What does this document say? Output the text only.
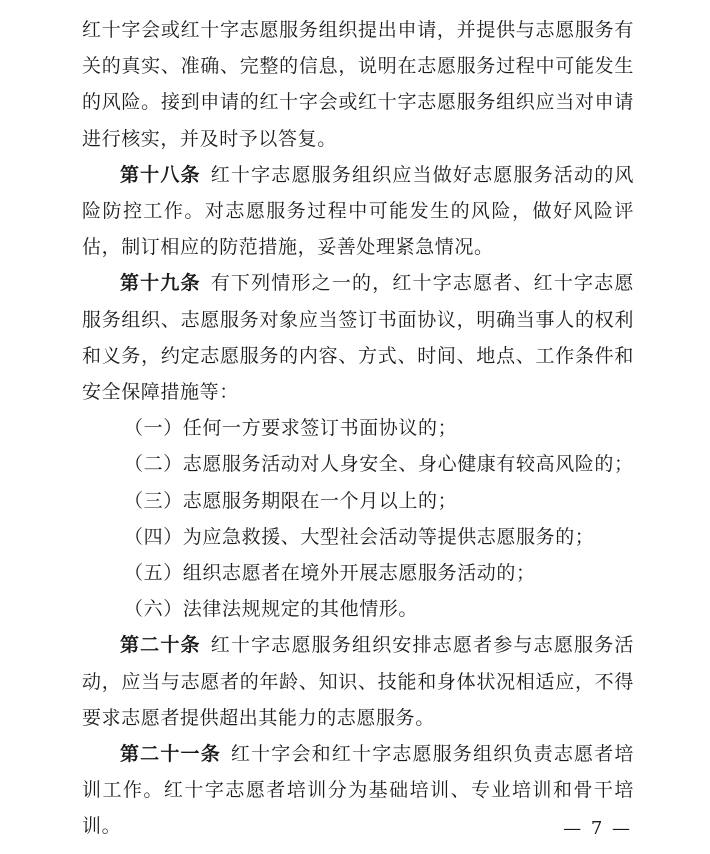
红十字会或红十字志愿服务组织提出申请，并提供与志愿服务有关的真实、准确、完整的信息，说明在志愿服务过程中可能发生的风险。接到申请的红十字会或红十字志愿服务组织应当对申请进行核实，并及时予以答复。

第十八条 红十字志愿服务组织应当做好志愿服务活动的风险防控工作。对志愿服务过程中可能发生的风险，做好风险评估，制订相应的防范措施，妥善处理紧急情况。

第十九条 有下列情形之一的，红十字志愿者、红十字志愿服务组织、志愿服务对象应当签订书面协议，明确当事人的权利和义务，约定志愿服务的内容、方式、时间、地点、工作条件和安全保障措施等：

（一）任何一方要求签订书面协议的；

（二）志愿服务活动对人身安全、身心健康有较高风险的；

（三）志愿服务期限在一个月以上的；

（四）为应急救援、大型社会活动等提供志愿服务的；

（五）组织志愿者在境外开展志愿服务活动的；

（六）法律法规规定的其他情形。

第二十条 红十字志愿服务组织安排志愿者参与志愿服务活动，应当与志愿者的年龄、知识、技能和身体状况相适应，不得要求志愿者提供超出其能力的志愿服务。

第二十一条 红十字会和红十字志愿服务组织负责志愿者培训工作。红十字志愿者培训分为基础培训、专业培训和骨干培训。	— 7 —
